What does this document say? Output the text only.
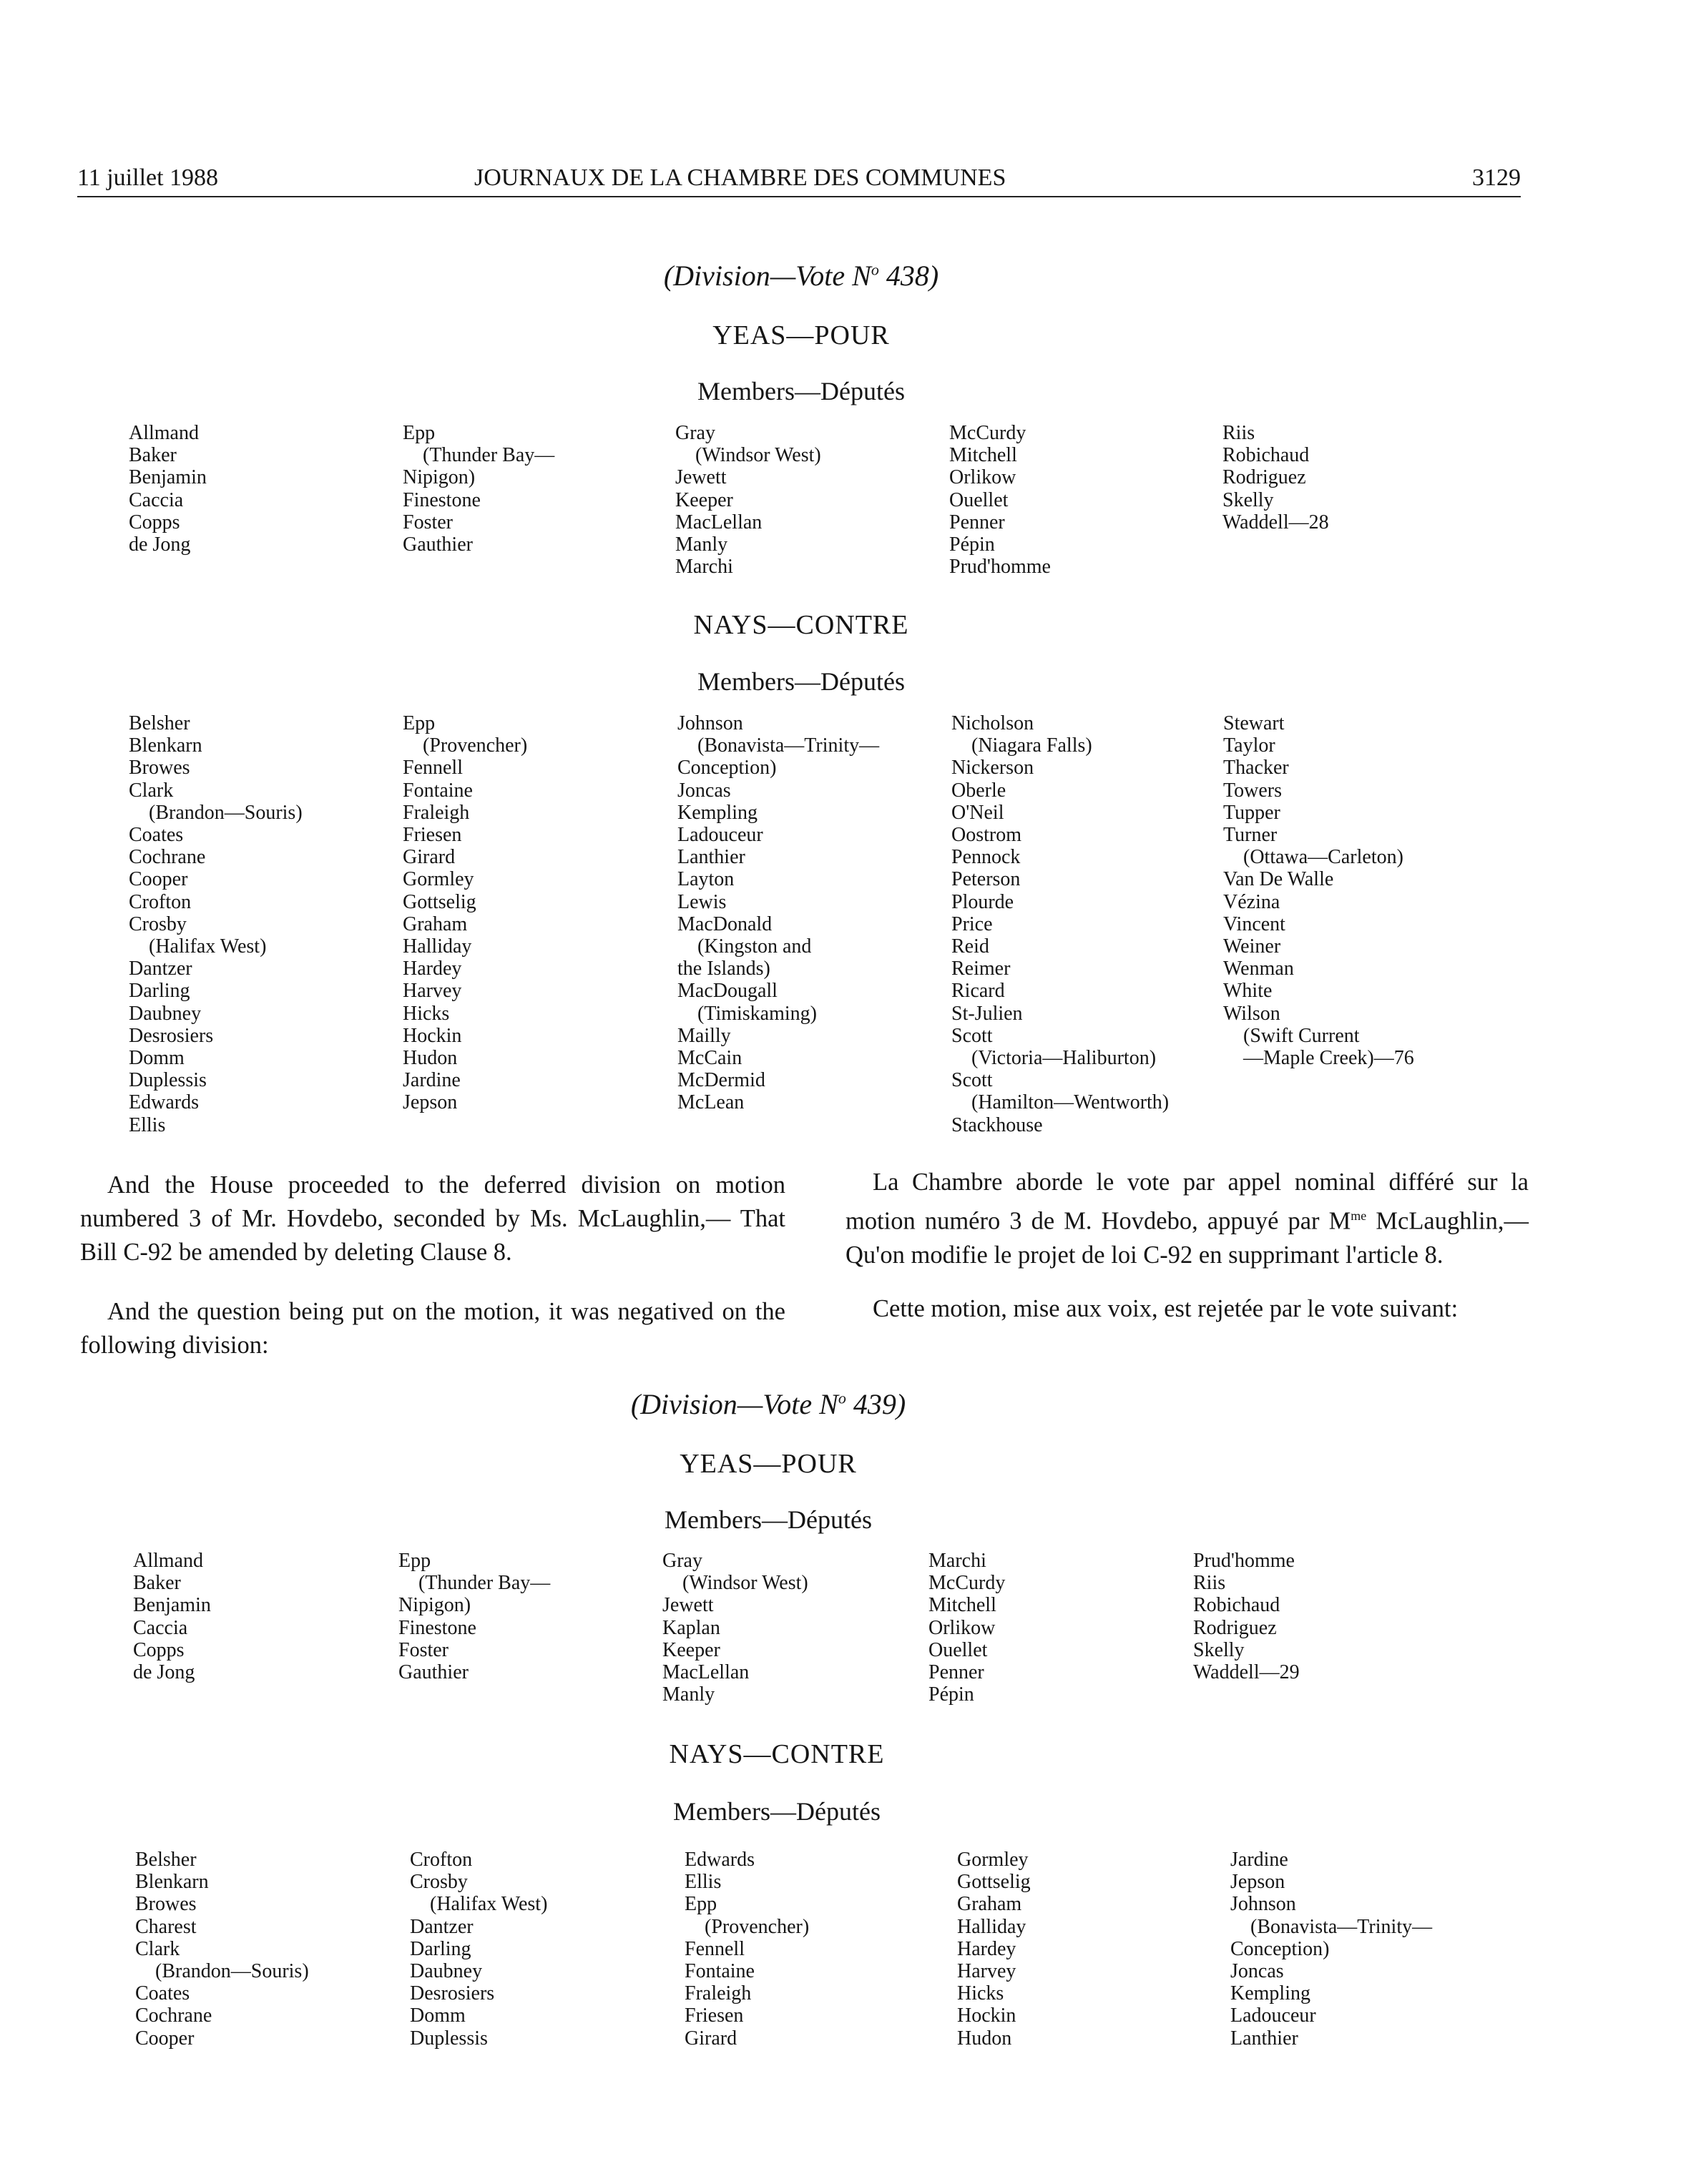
11 juillet 1988	JOURNAUX DE LA CHAMBRE DES COMMUNES	3129
(Division—Vote $N^o$ 438)
YEAS—POUR
Members—Députés
Allmand
Baker
Benjamin
Caccia
Copps
de Jong
Epp
(Thunder Bay—
Nipigon)
Finestone
Foster
Gauthier
Gray
(Windsor West)
Jewett
Keeper
MacLellan
Manly
Marchi
McCurdy
Mitchell
Orlikow
Ouellet
Penner
Pépin
Prud'homme
Riis
Robichaud
Rodriguez
Skelly
Waddell—28
NAYS—CONTRE
Members—Députés
Belsher
Blenkarn
Browes
Clark
(Brandon—Souris)
Coates
Cochrane
Cooper
Crofton
Crosby
(Halifax West)
Dantzer
Darling
Daubney
Desrosiers
Domm
Duplessis
Edwards
Ellis
Epp
(Provencher)
Fennell
Fontaine
Fraleigh
Friesen
Girard
Gormley
Gottselig
Graham
Halliday
Hardey
Harvey
Hicks
Hockin
Hudon
Jardine
Jepson
Johnson
(Bonavista—Trinity—
Conception)
Joncas
Kempling
Ladouceur
Lanthier
Layton
Lewis
MacDonald
(Kingston and
the Islands)
MacDougall
(Timiskaming)
Mailly
McCain
McDermid
McLean
Nicholson
(Niagara Falls)
Nickerson
Oberle
O'Neil
Oostrom
Pennock
Peterson
Plourde
Price
Reid
Reimer
Ricard
St-Julien
Scott
(Victoria—Haliburton)
Scott
(Hamilton—Wentworth)
Stackhouse
Stewart
Taylor
Thacker
Towers
Tupper
Turner
(Ottawa—Carleton)
Van De Walle
Vézina
Vincent
Weiner
Wenman
White
Wilson
(Swift Current
—Maple Creek)—76
And the House proceeded to the deferred division on motion numbered 3 of Mr. Hovdebo, seconded by Ms. McLaughlin,— That Bill C-92 be amended by deleting Clause 8.
La Chambre aborde le vote par appel nominal différé sur la motion numéro 3 de M. Hovdebo, appuyé par $M^{me}$ McLaughlin,—Qu'on modifie le projet de loi C-92 en supprimant l'article 8.
And the question being put on the motion, it was negatived on the following division:
Cette motion, mise aux voix, est rejetée par le vote suivant:
(Division—Vote $N^o$ 439)
YEAS—POUR
Members—Députés
Allmand
Baker
Benjamin
Caccia
Copps
de Jong
Epp
(Thunder Bay—
Nipigon)
Finestone
Foster
Gauthier
Gray
(Windsor West)
Jewett
Kaplan
Keeper
MacLellan
Manly
Marchi
McCurdy
Mitchell
Orlikow
Ouellet
Penner
Pépin
Prud'homme
Riis
Robichaud
Rodriguez
Skelly
Waddell—29
NAYS—CONTRE
Members—Députés
Belsher
Blenkarn
Browes
Charest
Clark
(Brandon—Souris)
Coates
Cochrane
Cooper
Crofton
Crosby
(Halifax West)
Dantzer
Darling
Daubney
Desrosiers
Domm
Duplessis
Edwards
Ellis
Epp
(Provencher)
Fennell
Fontaine
Fraleigh
Friesen
Girard
Gormley
Gottselig
Graham
Halliday
Hardey
Harvey
Hicks
Hockin
Hudon
Jardine
Jepson
Johnson
(Bonavista—Trinity—
Conception)
Joncas
Kempling
Ladouceur
Lanthier
